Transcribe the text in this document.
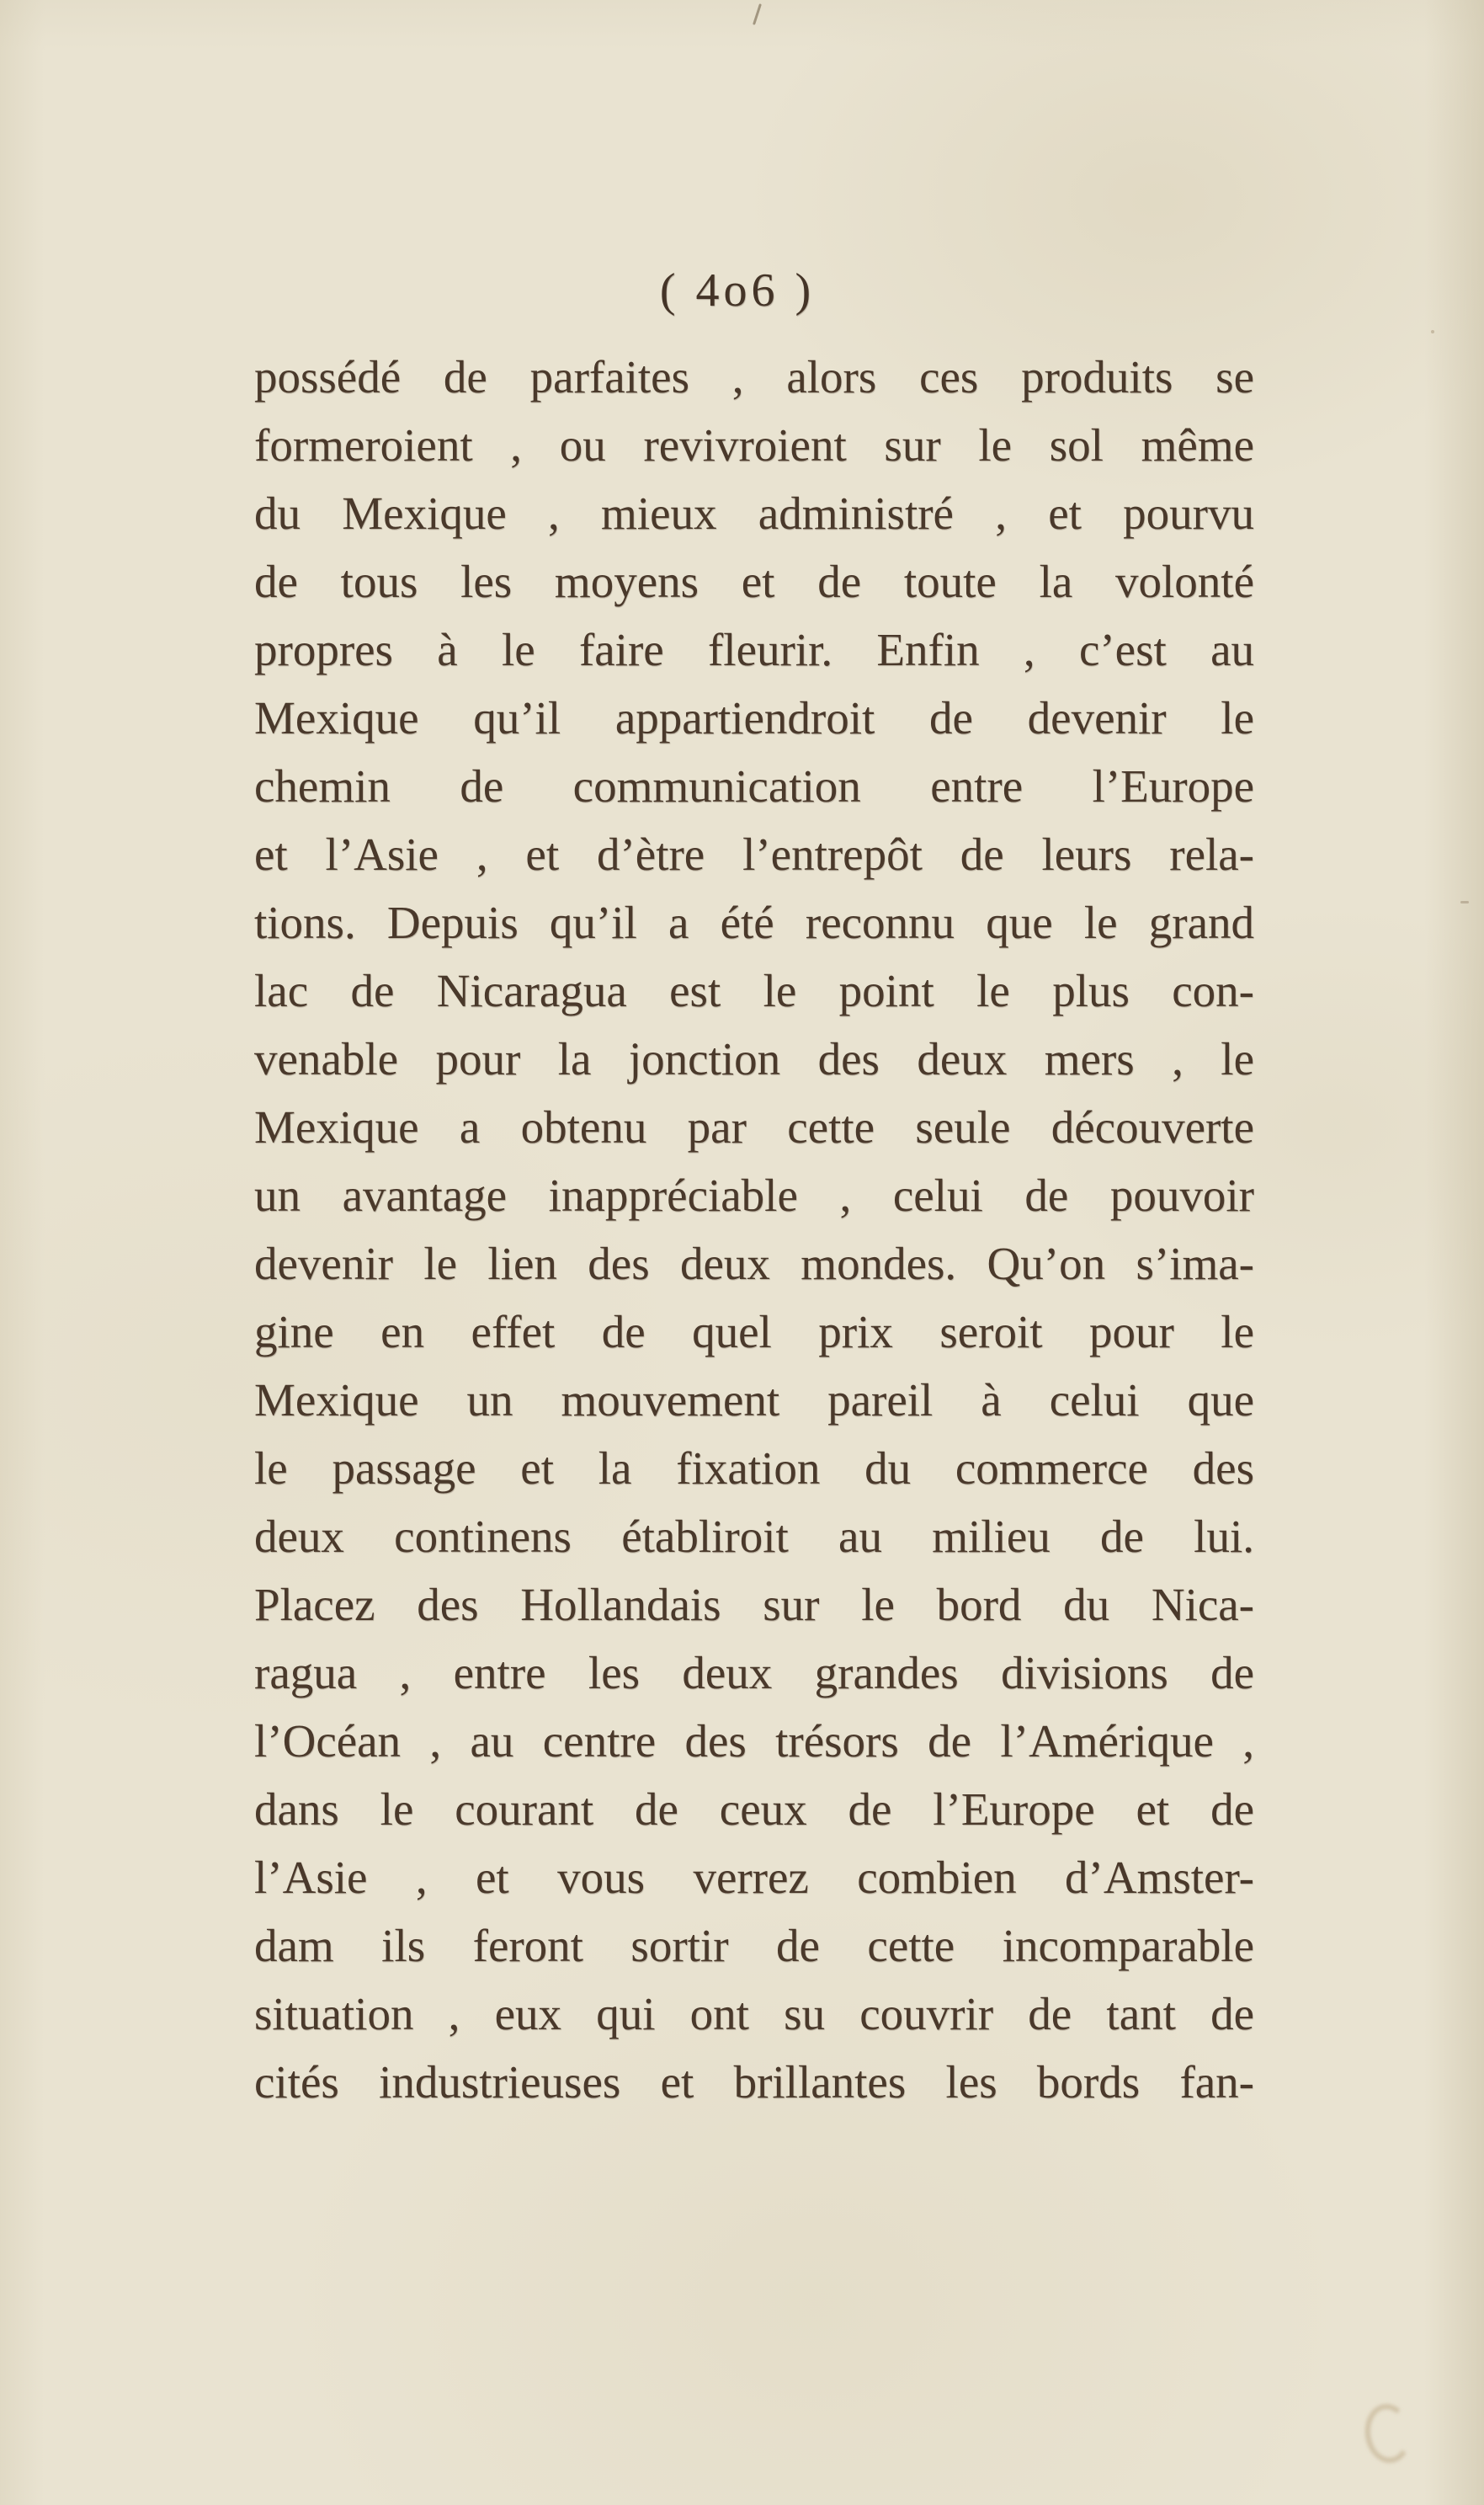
( 4o6 )
possédé de parfaites , alors ces produits se
formeroient , ou revivroient sur le sol même
du Mexique , mieux administré , et pourvu
de tous les moyens et de toute la volonté
propres à le faire fleurir. Enfin , c’est au
Mexique qu’il appartiendroit de devenir le
chemin de communication entre l’Europe
et l’Asie , et d’ètre l’entrepôt de leurs rela-
tions. Depuis qu’il a été reconnu que le grand
lac de Nicaragua est le point le plus con-
venable pour la jonction des deux mers , le
Mexique a obtenu par cette seule découverte
un avantage inappréciable , celui de pouvoir
devenir le lien des deux mondes. Qu’on s’ima-
gine en effet de quel prix seroit pour le
Mexique un mouvement pareil à celui que
le passage et la fixation du commerce des
deux continens établiroit au milieu de lui.
Placez des Hollandais sur le bord du Nica-
ragua , entre les deux grandes divisions de
l’Océan , au centre des trésors de l’Amérique ,
dans le courant de ceux de l’Europe et de
l’Asie , et vous verrez combien d’Amster-
dam ils feront sortir de cette incomparable
situation , eux qui ont su couvrir de tant de
cités industrieuses et brillantes les bords fan-
